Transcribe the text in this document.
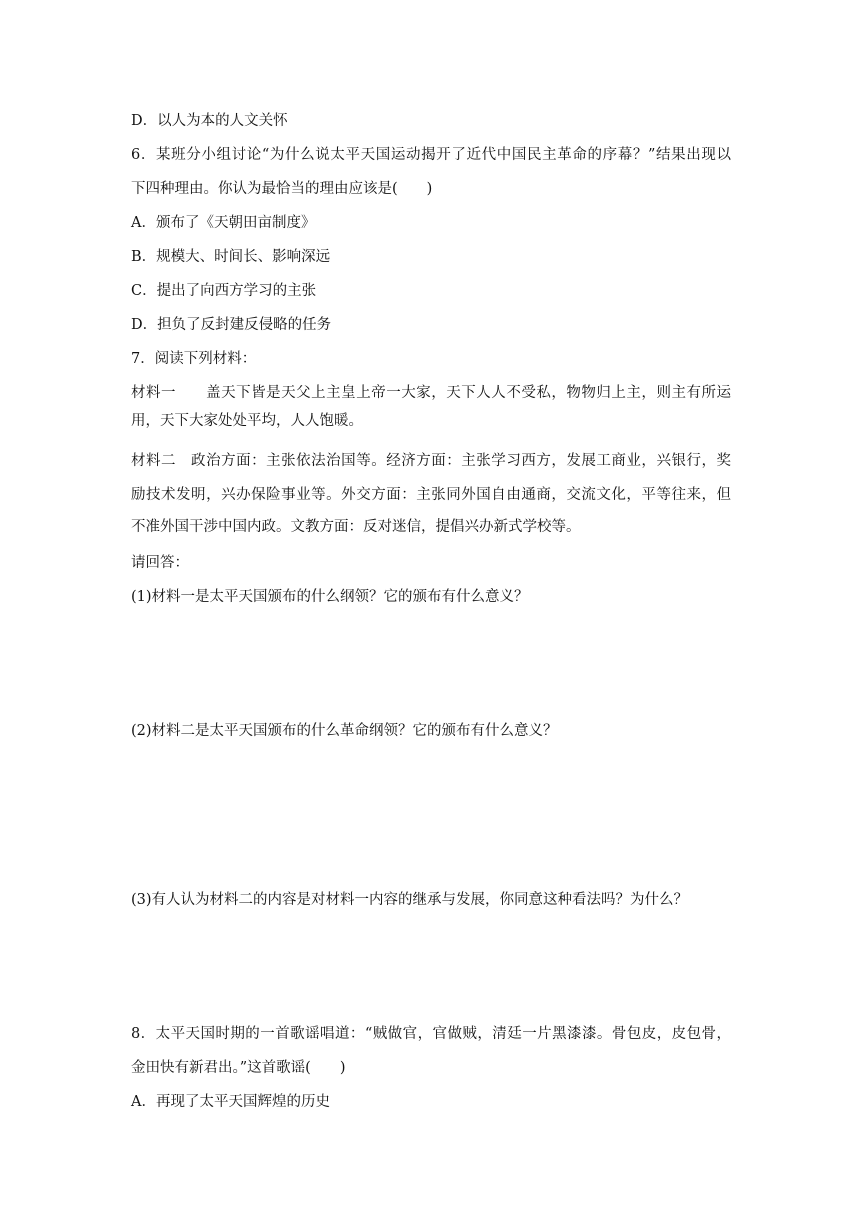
D．以人为本的人文关怀
6．某班分小组讨论“为什么说太平天国运动揭开了近代中国民主革命的序幕？”结果出现以
下四种理由。你认为最恰当的理由应该是(　　)
A．颁布了《天朝田亩制度》
B．规模大、时间长、影响深远
C．提出了向西方学习的主张
D．担负了反封建反侵略的任务
7．阅读下列材料：
材料一　　盖天下皆是天父上主皇上帝一大家，天下人人不受私，物物归上主，则主有所运
用，天下大家处处平均，人人饱暖。
材料二　政治方面：主张依法治国等。经济方面：主张学习西方，发展工商业，兴银行，奖
励技术发明，兴办保险事业等。外交方面：主张同外国自由通商，交流文化，平等往来，但
不准外国干涉中国内政。文教方面：反对迷信，提倡兴办新式学校等。
请回答：
(1)材料一是太平天国颁布的什么纲领？它的颁布有什么意义？
(2)材料二是太平天国颁布的什么革命纲领？它的颁布有什么意义？
(3)有人认为材料二的内容是对材料一内容的继承与发展，你同意这种看法吗？为什么？
8．太平天国时期的一首歌谣唱道：“贼做官，官做贼，清廷一片黑漆漆。骨包皮，皮包骨，
金田快有新君出。”这首歌谣(　　)
A．再现了太平天国辉煌的历史
